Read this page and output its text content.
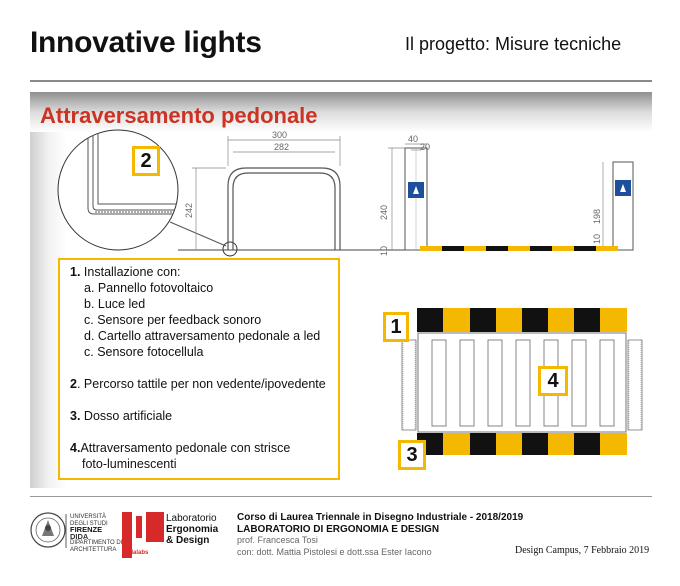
Innovative lights	Il progetto: Misure tecniche
Attraversamento pedonale
300
282
242
40
20
240
10
198
10
2
1
4
3
1. Installazione con:
a. Pannello fotovoltaico
b. Luce led
c. Sensore per feedback sonoro
d. Cartello attraversamento pedonale a led
c. Sensore fotocellula
2. Percorso tattile per non vedente/ipovedente
3. Dosso artificiale
4.Attraversamento pedonale con strisce
foto-luminescenti
UNIVERSITÀ
DEGLI STUDI
FIRENZE
DIDA
DIPARTIMENTO DI
ARCHITETTURA
didalabs
Laboratorio
Ergonomia
& Design
Corso di Laurea Triennale in Disegno Industriale - 2018/2019
LABORATORIO DI ERGONOMIA E DESIGN
prof. Francesca Tosi
con: dott. Mattia Pistolesi e dott.ssa Ester Iacono	Design Campus, 7 Febbraio 2019
